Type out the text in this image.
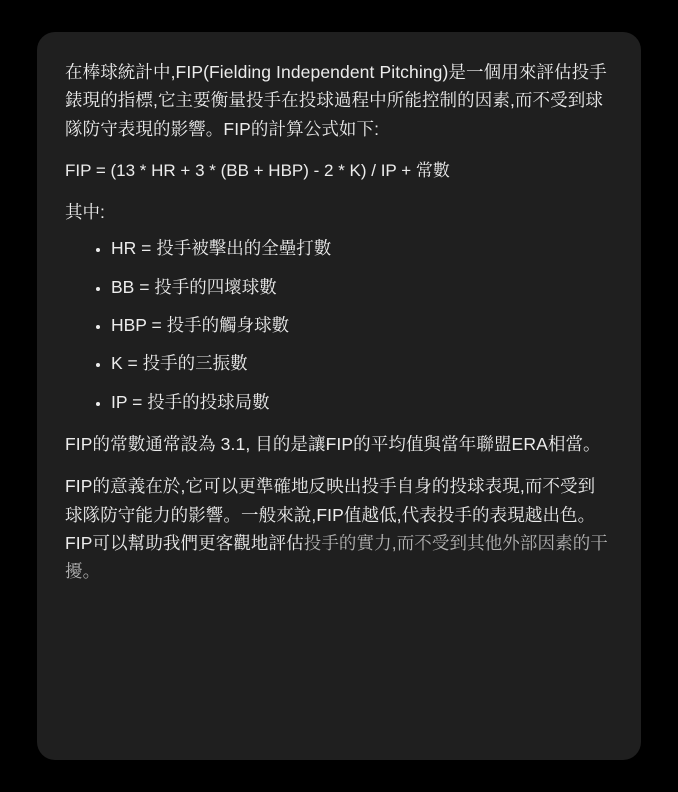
在棒球統計中,FIP(Fielding Independent Pitching)是一個用來評估投手錶現的指標,它主要衡量投手在投球過程中所能控制的因素,而不受到球隊防守表現的影響。FIP的計算公式如下:

FIP = (13 * HR + 3 * (BB + HBP) - 2 * K) / IP + 常數

其中:

• HR = 投手被擊出的全壘打數
• BB = 投手的四壞球數
• HBP = 投手的觸身球數
• K = 投手的三振數
• IP = 投手的投球局數

FIP的常數通常設為 3.1, 目的是讓FIP的平均值與當年聯盟ERA相當。

FIP的意義在於,它可以更準確地反映出投手自身的投球表現,而不受到球隊防守能力的影響。一般來說,FIP值越低,代表投手的表現越出色。FIP可以幫助我們更客觀地評估投手的實力,而不受到其他外部因素的干擾。
